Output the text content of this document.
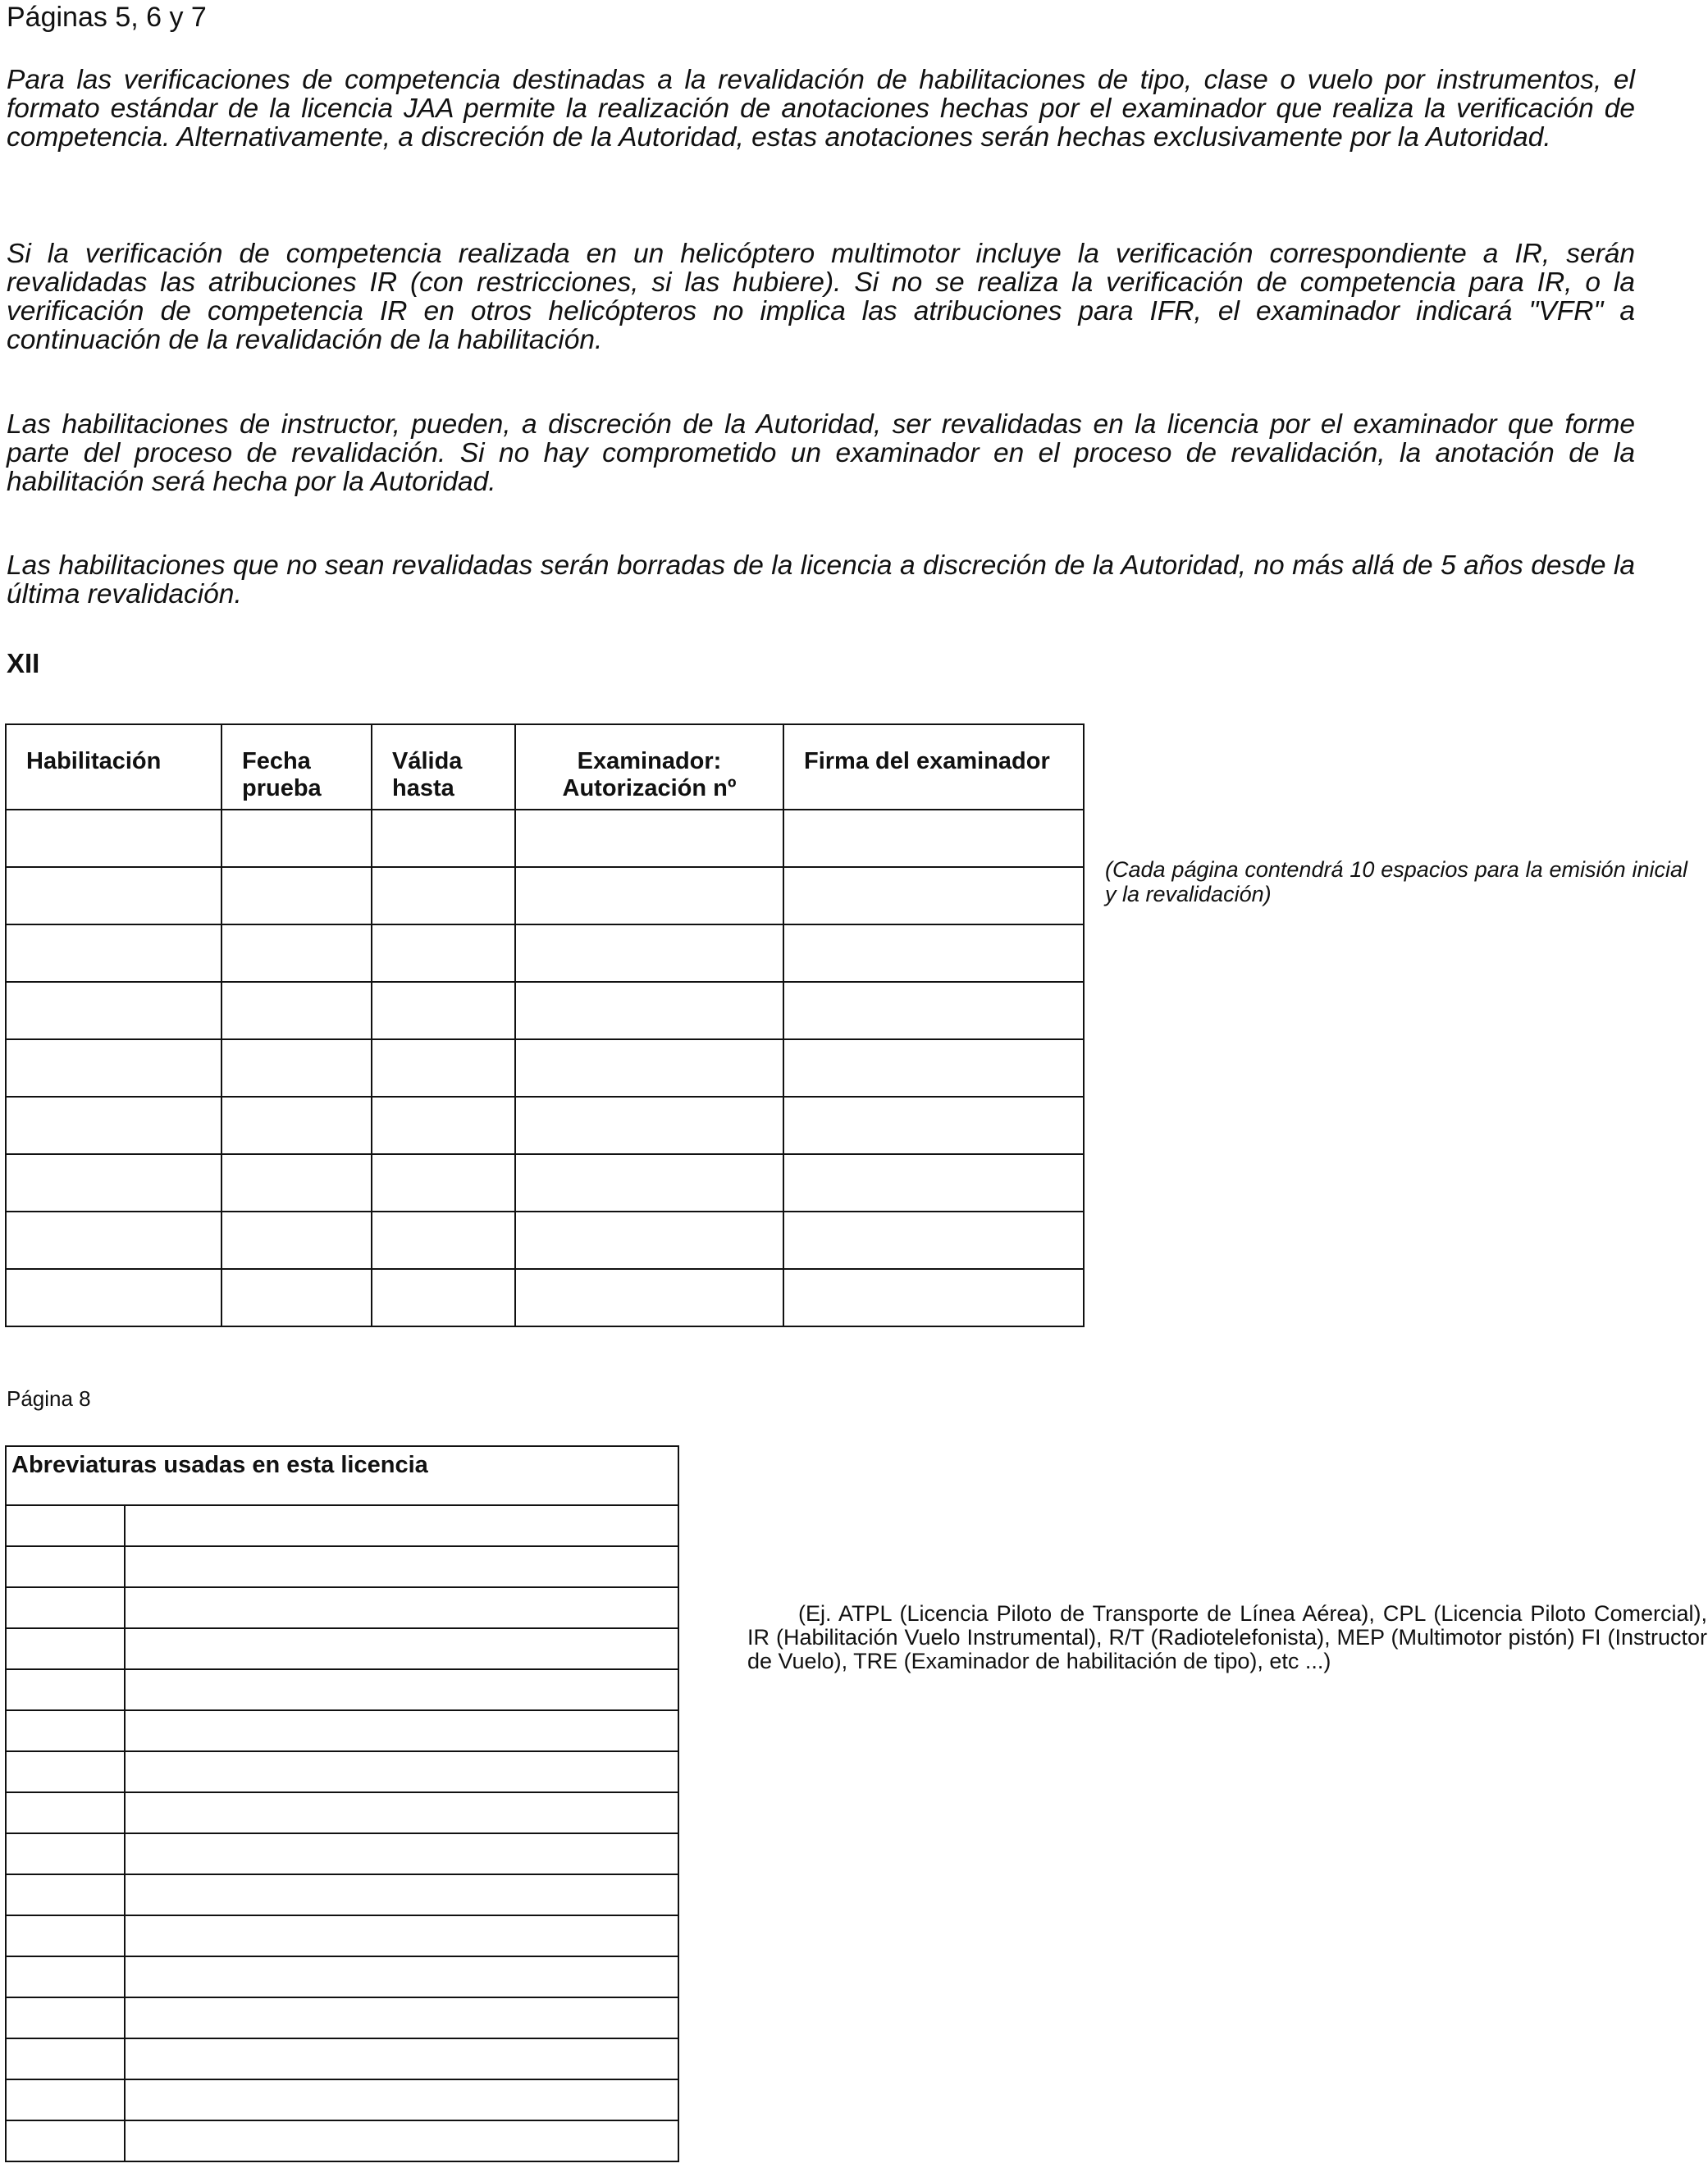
Páginas 5, 6 y 7
Para las verificaciones de competencia destinadas a la revalidación de habilitaciones de tipo, clase o vuelo por instrumentos, el formato estándar de la licencia JAA permite la realización de anotaciones hechas por el examinador que realiza la verificación de competencia. Alternativamente, a discreción de la Autoridad, estas anotaciones serán hechas exclusivamente por la Autoridad.
Si la verificación de competencia realizada en un helicóptero multimotor incluye la verificación correspondiente a IR, serán revalidadas las atribuciones IR (con restricciones, si las hubiere). Si no se realiza la verificación de competencia para IR, o la verificación de competencia IR en otros helicópteros no implica las atribuciones para IFR, el examinador indicará "VFR" a continuación de la revalidación de la habilitación.
Las habilitaciones de instructor, pueden, a discreción de la Autoridad, ser revalidadas en la licencia por el examinador que forme parte del proceso de revalidación. Si no hay comprometido un examinador en el proceso de revalidación, la anotación de la habilitación será hecha por la Autoridad.
Las habilitaciones que no sean revalidadas serán borradas de la licencia a discreción de la Autoridad, no más allá de 5 años desde la última revalidación.
XII
Habilitación	Fecha prueba	Válida hasta	Examinador: Autorización nº	Firma del examinador

(Cada página contendrá 10 espacios para la emisión inicial y la revalidación)
Página 8
Abreviaturas usadas en esta licencia	

(Ej. ATPL (Licencia Piloto de Transporte de Línea Aérea), CPL (Licencia Piloto Comercial), IR (Habilitación Vuelo Instrumental), R/T (Radiotelefonista), MEP (Multimotor pistón) FI (Instructor de Vuelo), TRE (Examinador de habilitación de tipo), etc ...)
